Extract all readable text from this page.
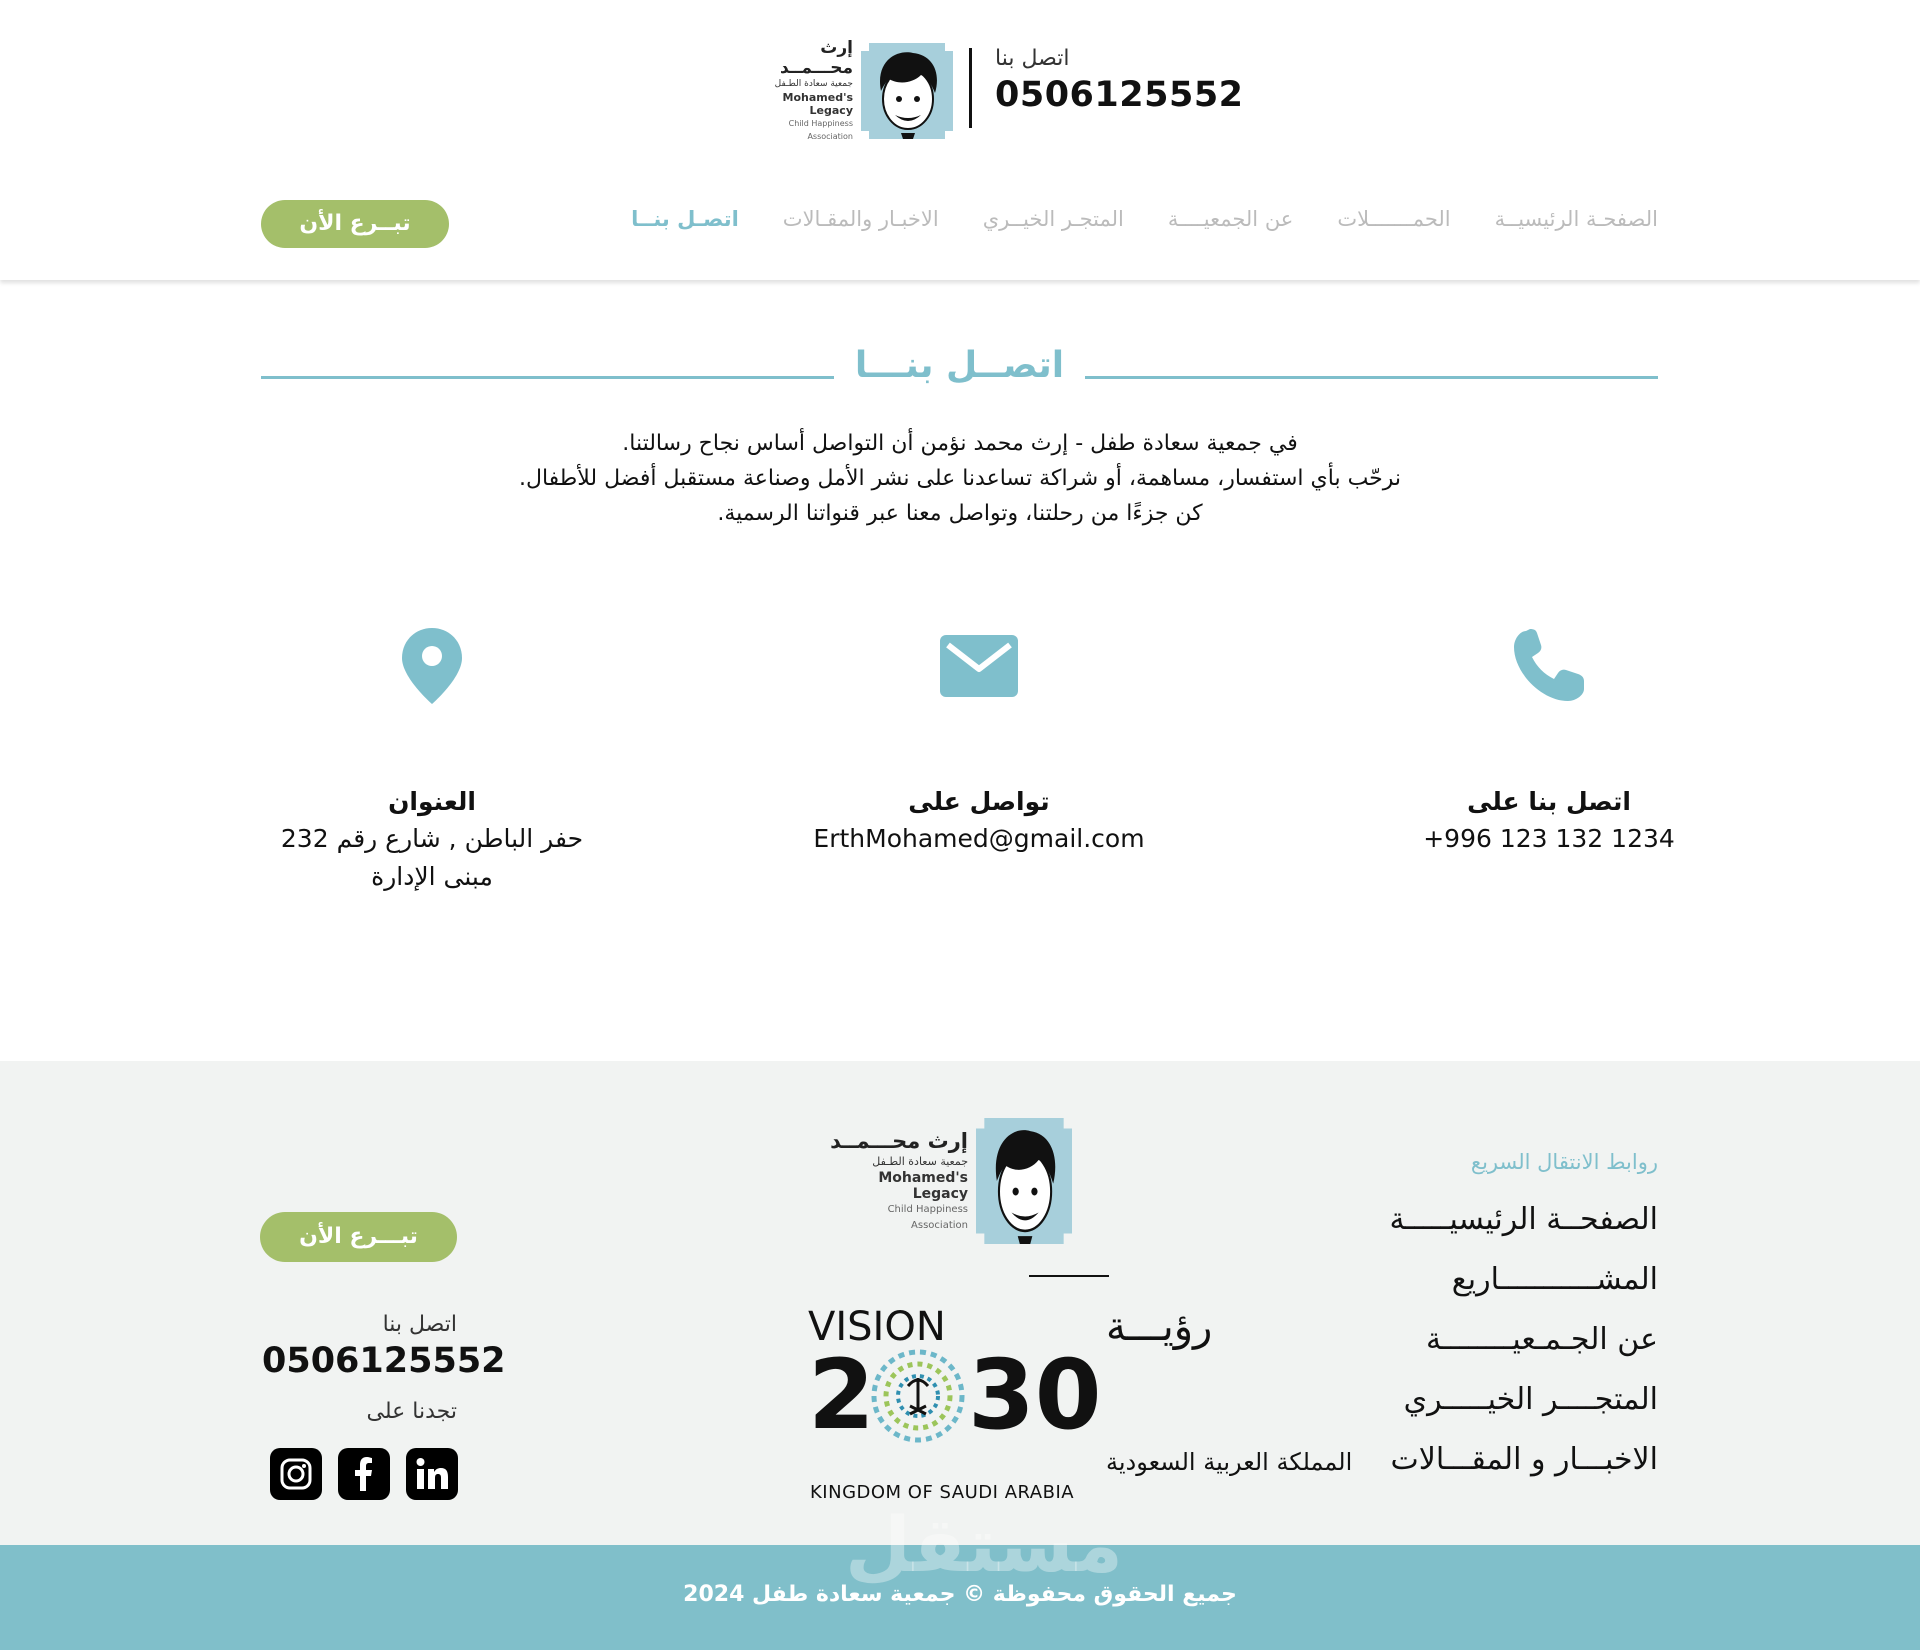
إرث محـــمــد
جمعية سعادة الطـفل
Mohamed's Legacy
Child Happiness Association
اتصل بنا
0506125552
الصفحـة الرئيسيــة
الحمـــــــلات
عن الجمعيــــة
المتجـر الخيــري
الاخبـار والمقـالات
اتصـل بنــا
تبــرع الأن
اتصــل بنـــا
في جمعية سعادة طفل - إرث محمد نؤمن أن التواصل أساس نجاح رسالتنا.
نرحّب بأي استفسار، مساهمة، أو شراكة تساعدنا على نشر الأمل وصناعة مستقبل أفضل للأطفال.
كن جزءًا من رحلتنا، وتواصل معنا عبر قنواتنا الرسمية.
اتصل بنا على
+996 123 132 1234
تواصل على
ErthMohamed@gmail.com
العنوان
حفر الباطن , شارع رقم 232
مبنى الإدارة
روابط الانتقال السريع
الصفحــة الرئيسيـــــة
المشـــــــــــاريع
عن الجـمـعيــــــــة
المتجــــر الخيـــــري
الاخبـــار و المقـــالات
إرث محـــمــد
جمعية سعادة الطـفل
Mohamed's Legacy
Child Happiness Association
VISION	رؤيـــة
2 30
المملكة العربية السعودية
KINGDOM OF SAUDI ARABIA
تبـــرع الأن
اتصل بنا
0506125552
تجدنا على
مستقل
جميع الحقوق محفوظة © جمعية سعادة طفل 2024
